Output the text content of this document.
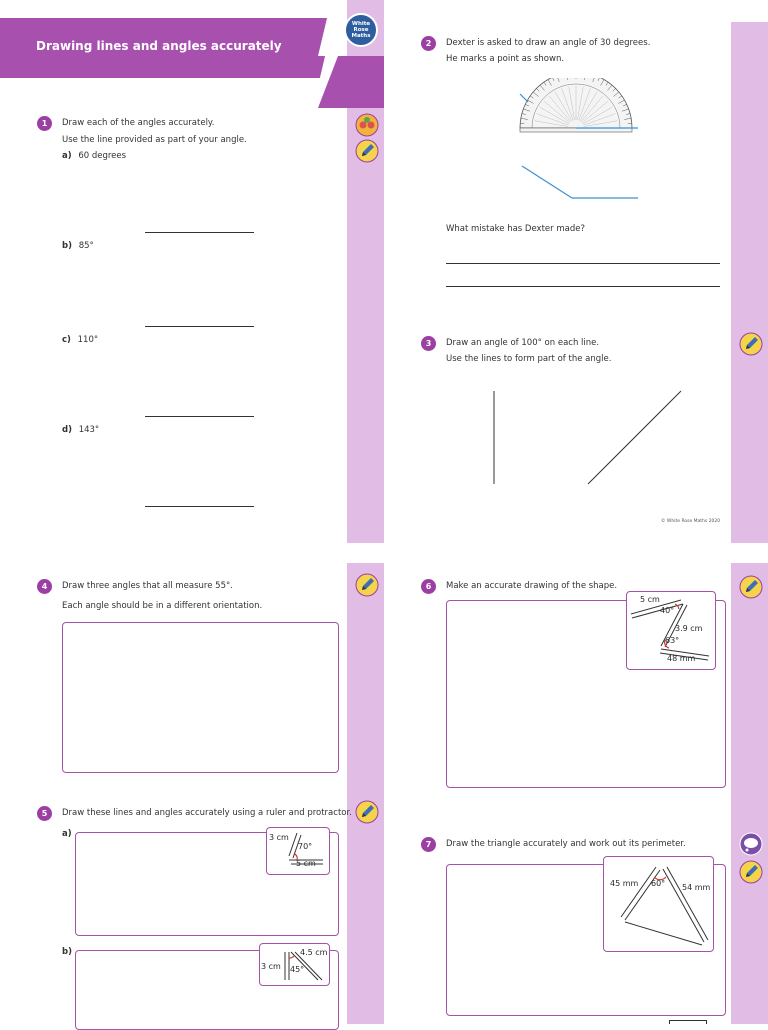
Drawing lines and angles accurately
White
Rose
Maths
1	Draw each of the angles accurately.
Use the line provided as part of your angle.
a) 60 degrees
b) 85°
c) 110°
d) 143°
2	Dexter is asked to draw an angle of 30 degrees.
He marks a point as shown.
What mistake has Dexter made?
3	Draw an angle of 100° on each line.
Use the lines to form part of the angle.
© White Rose Maths 2020
4	Draw three angles that all measure 55°.
Each angle should be in a different orientation.
5	Draw these lines and angles accurately using a ruler and protractor.
a)	3 cm
70°
5 cm
b)
3 cm 45°
4.5 cm
6	Make an accurate drawing of the shape.
5 cm
40°
3.9 cm
63°
48 mm
7	Draw the triangle accurately and work out its perimeter.
45 mm 60° 54 mm
